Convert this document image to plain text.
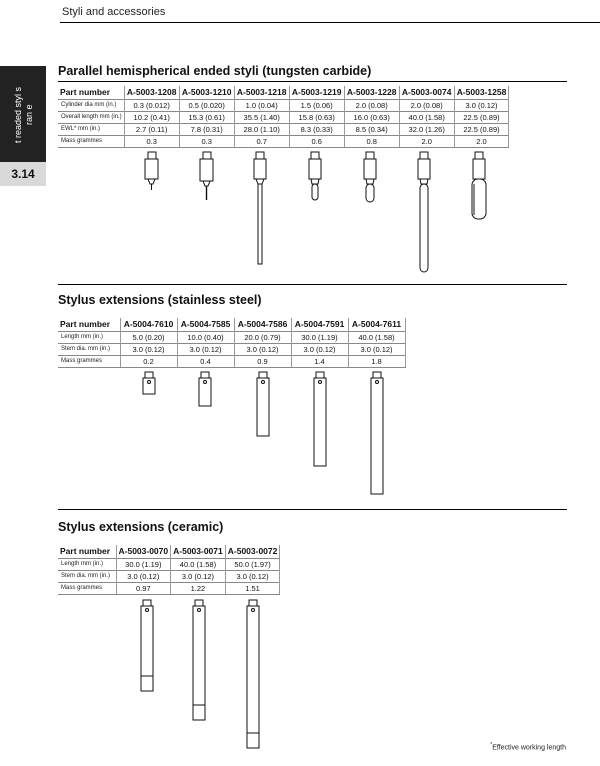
Styli and accessories
t readed styl s ran e
3.14
Parallel hemispherical ended styli (tungsten carbide)
Part number	A-5003-1208	A-5003-1210	A-5003-1218	A-5003-1219	A-5003-1228	A-5003-0074	A-5003-1258
Cylinder dia mm (in.)	0.3 (0.012)	0.5 (0.020)	1.0 (0.04)	1.5 (0.06)	2.0 (0.08)	2.0 (0.08)	3.0 (0.12)
Overall length mm (in.)	10.2 (0.41)	15.3 (0.61)	35.5 (1.40)	15.8 (0.63)	16.0 (0.63)	40.0 (1.58)	22.5 (0.89)
EWL* mm (in.)	2.7 (0.11)	7.8 (0.31)	28.0 (1.10)	8.3 (0.33)	8.5 (0.34)	32.0 (1.26)	22.5 (0.89)
Mass grammes	0.3	0.3	0.7	0.6	0.8	2.0	2.0
Stylus extensions (stainless steel)
Part number	A-5004-7610	A-5004-7585	A-5004-7586	A-5004-7591	A-5004-7611
Length mm (in.)	5.0 (0.20)	10.0 (0.40)	20.0 (0.79)	30.0 (1.19)	40.0 (1.58)
Stem dia. mm (in.)	3.0 (0.12)	3.0 (0.12)	3.0 (0.12)	3.0 (0.12)	3.0 (0.12)
Mass grammes	0.2	0.4	0.9	1.4	1.8
Stylus extensions (ceramic)
Part number	A-5003-0070	A-5003-0071	A-5003-0072
Length mm (in.)	30.0 (1.19)	40.0 (1.58)	50.0 (1.97)
Stem dia. mm (in.)	3.0 (0.12)	3.0 (0.12)	3.0 (0.12)
Mass grammes	0.97	1.22	1.51
*Effective working length
